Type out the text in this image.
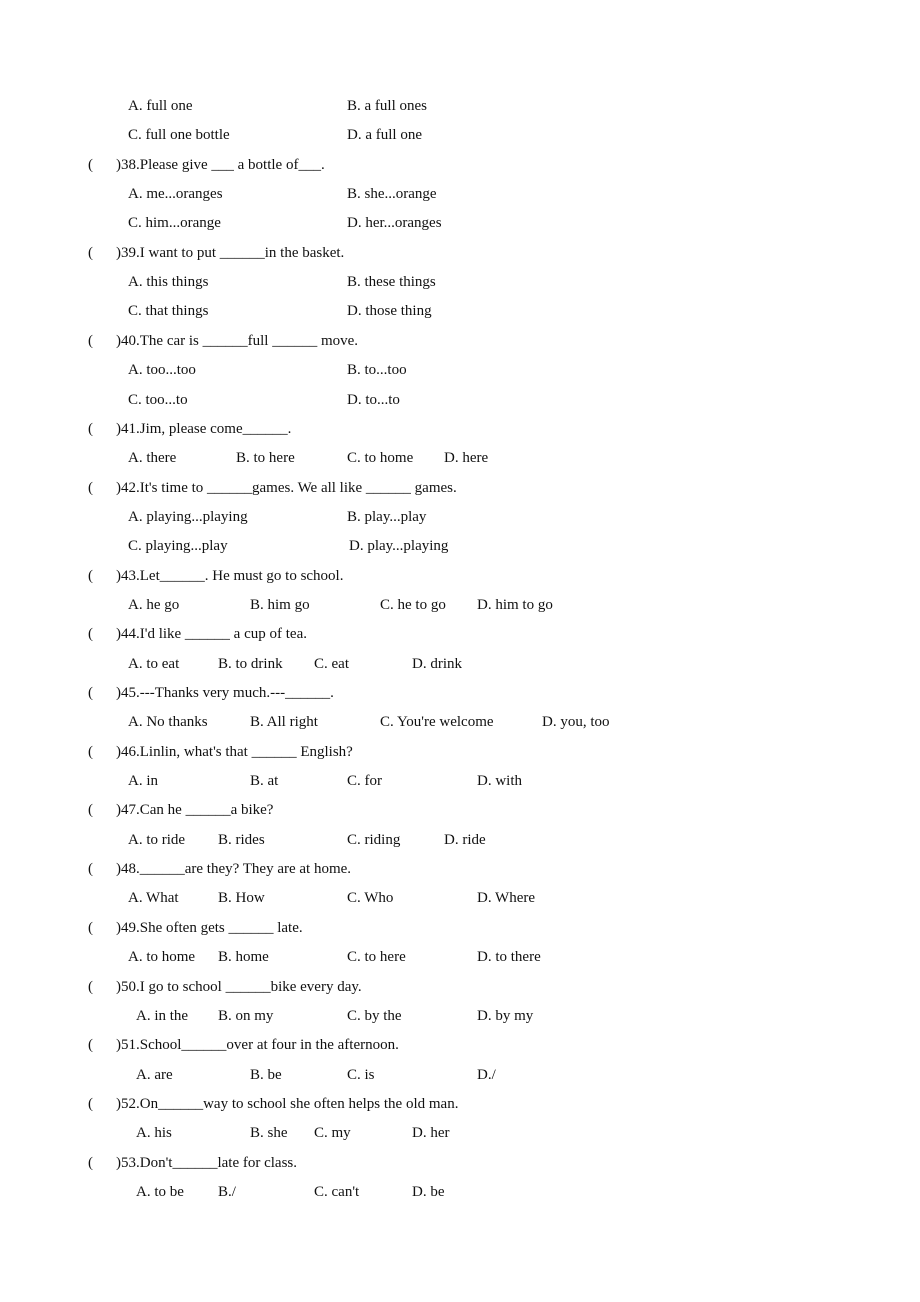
A. full one	B. a full ones
C. full one bottle	D. a full one
( )38.Please give ___ a bottle of___.
A. me...oranges	B. she...orange
C. him...orange	D. her...oranges
( )39.I want to put ______in the basket.
A. this things	B. these things
C. that things	D. those thing
( )40.The car is ______full ______ move.
A. too...too	B. to...too
C. too...to	D. to...to
( )41.Jim, please come______.
A. there	B. to here	C. to home D. here
( )42.It's time to ______games. We all like ______ games.
A. playing...playing	B. play...play
C. playing...play	D. play...playing
( )43.Let______. He must go to school.
A. he go	B. him go	C. he to go D. him to go
( )44.I'd like ______ a cup of tea.
A. to eat	B. to drink C. eat	D. drink
( )45.---Thanks very much.---______.
A. No thanks	B. All right	C. You're welcome	D. you, too
( )46.Linlin, what's that ______ English?
A. in	B. at	C. for	D. with
( )47.Can he ______a bike?
A. to ride B. rides	C. riding	D. ride
( )48.______are they? They are at home.
A. What	B. How	C. Who	D. Where
( )49.She often gets ______ late.
A. to home B. home	C. to here	D. to there
( )50.I go to school ______bike every day.
A. in the B. on my	C. by the	D. by my
( )51.School______over at four in the afternoon.
A. are	B. be	C. is	D./
( )52.On______way to school she often helps the old man.
A. his	B. she C. my	D. her
( )53.Don't______late for class.
A. to be B./	C. can't	D. be
